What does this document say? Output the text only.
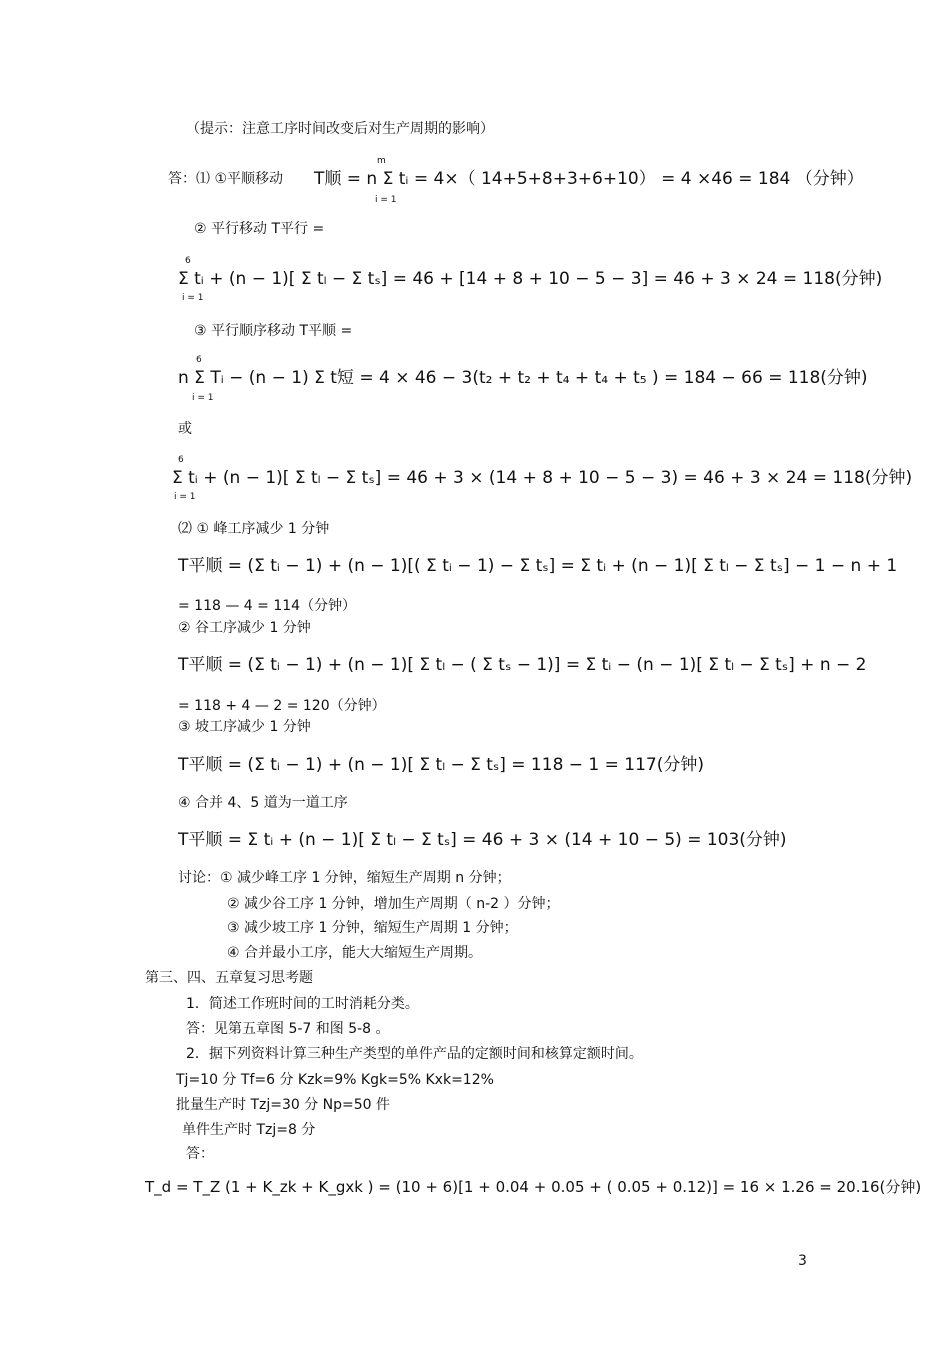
（提示：注意工序时间改变后对生产周期的影响）
答：⑴ ①平顺移动
m
T顺 = n Σ tᵢ = 4×（ 14+5+8+3+6+10） = 4 ×46 = 184 （分钟）
i = 1
② 平行移动 T平行 =
6
Σ tᵢ + (n − 1)[ Σ tₗ − Σ tₛ] = 46 + [14 + 8 + 10 − 5 − 3] = 46 + 3 × 24 = 118(分钟)
i = 1
③ 平行顺序移动 T平顺 =
6
n Σ Tᵢ − (n − 1) Σ t短 = 4 × 46 − 3(t₂ + t₂ + t₄ + t₄ + t₅ ) = 184 − 66 = 118(分钟)
i = 1
或
6
Σ tᵢ + (n − 1)[ Σ tₗ − Σ tₛ] = 46 + 3 × (14 + 8 + 10 − 5 − 3) = 46 + 3 × 24 = 118(分钟)
i = 1
⑵ ① 峰工序减少 1 分钟
T平顺 = (Σ tᵢ − 1) + (n − 1)[( Σ tᵢ − 1) − Σ tₛ] = Σ tᵢ + (n − 1)[ Σ tₗ − Σ tₛ] − 1 − n + 1
= 118 — 4 = 114（分钟）
② 谷工序减少 1 分钟
T平顺 = (Σ tᵢ − 1) + (n − 1)[ Σ tₗ − ( Σ tₛ − 1)] = Σ tᵢ − (n − 1)[ Σ tₗ − Σ tₛ] + n − 2
= 118 + 4 — 2 = 120（分钟）
③ 坡工序减少 1 分钟
T平顺 = (Σ tᵢ − 1) + (n − 1)[ Σ tₗ − Σ tₛ] = 118 − 1 = 117(分钟)
④ 合并 4、5 道为一道工序
T平顺 = Σ tᵢ + (n − 1)[ Σ tₗ − Σ tₛ] = 46 + 3 × (14 + 10 − 5) = 103(分钟)
讨论：① 减少峰工序 1 分钟，缩短生产周期 n 分钟；
② 减少谷工序 1 分钟，增加生产周期（ n-2 ）分钟；
③ 减少坡工序 1 分钟，缩短生产周期 1 分钟；
④ 合并最小工序，能大大缩短生产周期。
第三、四、五章复习思考题
1．简述工作班时间的工时消耗分类。
答：见第五章图 5-7 和图 5-8 。
2．据下列资料计算三种生产类型的单件产品的定额时间和核算定额时间。
Tj=10 分 Tf=6 分 Kzk=9% Kgk=5% Kxk=12%
批量生产时 Tzj=30 分 Np=50 件
单件生产时 Tzj=8 分
答：
T_d = T_Z (1 + K_zk + K_gxk ) = (10 + 6)[1 + 0.04 + 0.05 + ( 0.05 + 0.12)] = 16 × 1.26 = 20.16(分钟)
3
